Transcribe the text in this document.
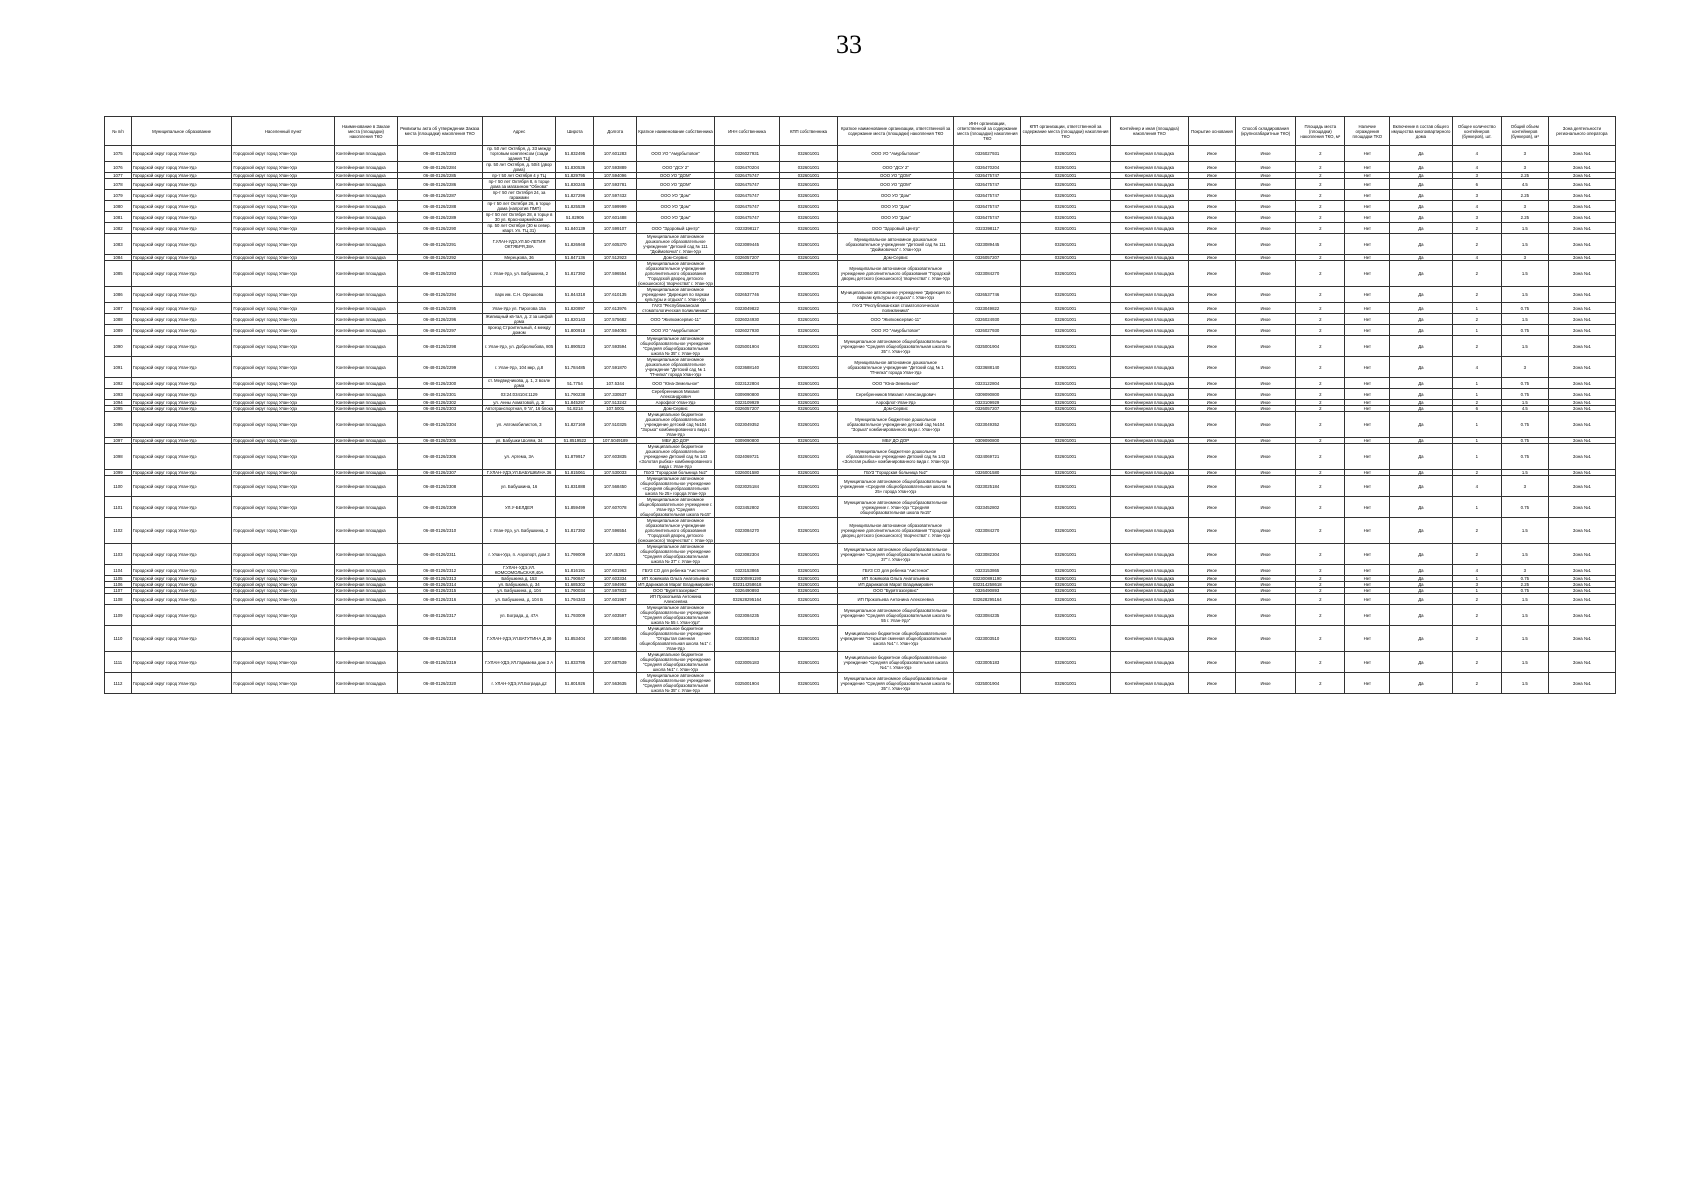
33
№ п/п	Муниципальное образование	Населенный пункт	Наименование в Заказе места (площадки) накопления ТКО	Реквизиты акта об утверждении Заказа места (площадки) накопления ТКО	Адрес	Широта	Долгота	Краткое наименование собственника	ИНН собственника	КПП собственника	Краткое наименование организации, ответственной за содержание места (площадки) накопления ТКО	ИНН организации, ответственной за содержание места (площадки) накопления ТКО	КПП организации, ответственной за содержание места (площадки) накопления ТКО	Контейнер и иная (площадка) накопления ТКО	Покрытие основания	Способ складирования (крупногабаритные ТКО)	Площадь места (площадки) накопления ТКО, м²	Наличие ограждения площадки ТКО	Включение в состав общего имущества многоквартирного дома	Общее количество контейнеров (бункеров), шт.	Общий объем контейнеров (бункеров), м³	Зона деятельности регионального оператора
1075	Городской округ город Улан-Удэ	Городской округ город Улан-Удэ	Контейнерная площадка	06-48-0126/2283	пр. 50 лет Октября, д. 33 между торговым комплексом (сзади здания ТЦ)	51.832495	107.601283	ООО УО "Амурбытовое"	0326027931	032601001	ООО УО "Амурбытовое"	0326027931	032601001	Контейнерная площадка	Иное	Иное	2	Нет	Да	4	3	Зона №1
1076	Городской округ город Улан-Удэ	Городской округ город Улан-Удэ	Контейнерная площадка	06-48-0126/2284	пр. 50 лет Октября, д. 50/4 (двор дома)	51.830536	107.593889	ООО "ДСУ 2"	0326470204	032601001	ООО "ДСУ 2"	0326470204	032601001	Контейнерная площадка	Иное	Иное	2	Нет	Да	4	3	Зона №1
1077	Городской округ город Улан-Удэ	Городской округ город Улан-Удэ	Контейнерная площадка	06-48-0126/2285	пр-т 50 лет Октября 4 у ТЦ	51.829795	107.594096	ООО УО "ДОМ"	0326475747	032601001	ООО УО "ДОМ"	0326475747	032601001	Контейнерная площадка	Иное	Иное	2	Нет	Да	3	2.25	Зона №1
1078	Городской округ город Улан-Удэ	Городской округ город Улан-Удэ	Контейнерная площадка	06-48-0126/2286	пр-т 50 лет Октября 8, в торце дома за магазином "Обнова"	51.830245	107.593781	ООО УО "ДОМ"	0326475747	032601001	ООО УО "ДОМ"	0326475747	032601001	Контейнерная площадка	Иное	Иное	2	Нет	Да	6	4.5	Зона №1
1079	Городской округ город Улан-Удэ	Городской округ город Улан-Удэ	Контейнерная площадка	06-48-0126/2287	пр-т 50 лет Октября 24, за гаражами	51.827296	107.597432	ООО УО "Дом"	0326475747	032601001	ООО УО "Дом"	0326475747	032601001	Контейнерная площадка	Иное	Иное	2	Нет	Да	3	2.25	Зона №1
1080	Городской округ город Улан-Удэ	Городской округ город Улан-Удэ	Контейнерная площадка	06-48-0126/2288	пр-т 50 лет Октября 26, в торце дома (напротив ПМП)	51.825539	107.599999	ООО УО "Дом"	0326475747	032601001	ООО УО "Дом"	0326475747	032601001	Контейнерная площадка	Иное	Иное	2	Нет	Да	4	3	Зона №1
1081	Городской округ город Улан-Удэ	Городской округ город Улан-Удэ	Контейнерная площадка	06-48-0126/2289	пр-т 50 лет Октября 28, в торце в 30 ул. Красноармейская	51.82906	107.601488	ООО УО "Дом"	0326475747	032601001	ООО УО "Дом"	0326475747	032601001	Контейнерная площадка	Иное	Иное	2	Нет	Да	3	2.25	Зона №1
1082	Городской округ город Улан-Удэ	Городской округ город Улан-Удэ	Контейнерная площадка	06-48-0126/2290	пр. 50 лет Октября (30 м север. кварт. Ул. ТЦ 31)	51.840139	107.599107	ООО "Здоровый Центр"	0323398117	032601001	ООО "Здоровый Центр"	0323398117	032601001	Контейнерная площадка	Иное	Иное	2	Нет	Да	2	1.5	Зона №1
1083	Городской округ город Улан-Удэ	Городской округ город Улан-Удэ	Контейнерная площадка	06-48-0126/2291	Г.УЛАН-УДЭ,УЛ.50-ЛЕТИЯ ОКТЯБРЯ,38А	51.826948	107.605370	Муниципальное автономное дошкольное образовательное учреждение "Детский сад № 111 "Дюймовочка" г. Улан-Удэ	0323089445	032601001	Муниципальное автономное дошкольное образовательное учреждение "Детский сад № 111 "Дюймовочка" г. Улан-Удэ	0323089445	032601001	Контейнерная площадка	Иное	Иное	2	Нет	Да	2	1.5	Зона №1
1084	Городской округ город Улан-Удэ	Городской округ город Улан-Удэ	Контейнерная площадка	06-48-0126/2292	Мерецкова, 36	51.847136	107.512923	Дом-Сервис	0326057207	032601001	Дом-Сервис	0326057207	032601001	Контейнерная площадка	Иное	Иное	2	Нет	Да	4	3	Зона №1
1085	Городской округ город Улан-Удэ	Городской округ город Улан-Удэ	Контейнерная площадка	06-48-0126/2293	г. Улан-Удэ, ул. Бабушкина, 2	51.817392	107.596554	Муниципальное автономное образовательное учреждение дополнительного образования "Городской дворец детского (юношеского) творчества" г. Улан-Удэ	0323084270	032601001	Муниципальное автономное образовательное учреждение дополнительного образования "Городской дворец детского (юношеского) творчества" г. Улан-Удэ	0323084270	032601001	Контейнерная площадка	Иное	Иное	2	Нет	Да	2	1.5	Зона №1
1086	Городской округ город Улан-Удэ	Городской округ город Улан-Удэ	Контейнерная площадка	06-48-0126/2294	парк им. С.Н. Орешкова	51.844318	107.610135	Муниципальное автономное учреждение "Дирекция по паркам культуры и отдыха" г. Улан-Удэ	0326537746	032601001	Муниципальное автономное учреждение "Дирекция по паркам культуры и отдыха" г. Улан-Удэ	0326537746	032601001	Контейнерная площадка	Иное	Иное	2	Нет	Да	2	1.5	Зона №1
1087	Городской округ город Улан-Удэ	Городской округ город Улан-Удэ	Контейнерная площадка	06-48-0126/2295	Улан-Удэ ул. Пирогова 15а	51.820897	107.613976	ГАУЗ "Республиканская стоматологическая поликлиника"	0323049822	032601001	ГАУЗ "Республиканская стоматологическая поликлиника"	0323049822	032601001	Контейнерная площадка	Иное	Иное	2	Нет	Да	1	0.75	Зона №1
1088	Городской округ город Улан-Удэ	Городской округ город Улан-Удэ	Контейнерная площадка	06-48-0126/2296	Жилищный кв-тал, д. 2 за шефой дома	51.820143	107.575682	ООО "Жилкомсервис-11"	0326024930	032601001	ООО "Жилкомсервис-11"	0326024930	032601001	Контейнерная площадка	Иное	Иное	2	Нет	Да	2	1.5	Зона №1
1089	Городской округ город Улан-Удэ	Городской округ город Улан-Удэ	Контейнерная площадка	06-48-0126/2297	проезд Строительный, 4 между домом	51.800918	107.594093	ООО УО "Амурбытовое"	0326027930	032601001	ООО УО "Амурбытовое"	0326027930	032601001	Контейнерная площадка	Иное	Иное	2	Нет	Да	1	0.75	Зона №1
1090	Городской округ город Улан-Удэ	Городской округ город Улан-Удэ	Контейнерная площадка	06-48-0126/2298	г. Улан-Удэ, ул. Добролюбова, 805	51.890523	107.593594	Муниципальное автономное общеобразовательное учреждение "Средняя общеобразовательная школа № 35" г. Улан-Удэ	0325001904	032601001	Муниципальное автономное общеобразовательное учреждение "Средняя общеобразовательная школа № 35" г. Улан-Удэ	0325001904	032601001	Контейнерная площадка	Иное	Иное	2	Нет	Да	2	1.5	Зона №1
1091	Городской округ город Улан-Удэ	Городской округ город Улан-Удэ	Контейнерная площадка	06-48-0126/2299	г. Улан-Удэ, 104 мкр, д.8	51.784485	107.591870	Муниципальное автономное дошкольное образовательное учреждение "Детский сад № 1 "Пчелка" города Улан-Удэ	0323688140	032601001	Муниципальное автономное дошкольное образовательное учреждение "Детский сад № 1 "Пчелка" города Улан-Удэ	0323688140	032601001	Контейнерная площадка	Иное	Иное	2	Нет	Да	4	3	Зона №1
1092	Городской округ город Улан-Удэ	Городской округ город Улан-Удэ	Контейнерная площадка	06-48-0126/2300	ст. Медведчикова, д. 1, 2 возле дома	51.7754	107.5344	ООО "Юна-Земельное"	0323122804	032601001	ООО "Юна-Земельное"	0323122804	032601001	Контейнерная площадка	Иное	Иное	2	Нет	Да	1	0.75	Зона №1
1093	Городской округ город Улан-Удэ	Городской округ город Улан-Удэ	Контейнерная площадка	06-48-0126/2301	03:24:034104:1129	51.790238	107.330537	Серебренников Михаил Александрович	0309090800	032601001	Серебренников Михаил Александрович	0309090800	032601001	Контейнерная площадка	Иное	Иное	2	Нет	Да	1	0.75	Зона №1
1094	Городской округ город Улан-Удэ	Городской округ город Улан-Удэ	Контейнерная площадка	06-48-0126/2302	ул. Анны Ахматовой, д. 3г	51.845297	107.513242	Аэрофлот-Улан-Удэ	0323109929	032601001	Аэрофлот-Улан-Удэ	0323109929	032601001	Контейнерная площадка	Иное	Иное	2	Нет	Да	2	1.5	Зона №1
1095	Городской округ город Улан-Удэ	Городской округ город Улан-Удэ	Контейнерная площадка	06-48-0126/2303	Автотранспортная, 9 "а", 16 блока	51.8214	107.5001	Дом-Сервис	0326057207	032601001	Дом-Сервис	0326057207	032601001	Контейнерная площадка	Иное	Иное	2	Нет	Да	6	4.5	Зона №1
1096	Городской округ город Улан-Удэ	Городской округ город Улан-Удэ	Контейнерная площадка	06-48-0126/2304	ул. Автомобилистов, 3	51.827169	107.510325	Муниципальное бюджетное дошкольное образовательное учреждение детский сад №104 "Зорька" комбинированного вида г. Улан-Удэ	0323049352	032601001	Муниципальное бюджетное дошкольное образовательное учреждение детский сад №104 "Зорька" комбинированного вида г. Улан-Удэ	0323049352	032601001	Контейнерная площадка	Иное	Иное	2	Нет	Да	1	0.75	Зона №1
1097	Городской округ город Улан-Удэ	Городской округ город Улан-Удэ	Контейнерная площадка	06-48-0126/2305	ул. Бабушки Шолям, 34	51.8519522	107.5049189	МБУ ДО ДОР	0309090800	032601001	МБУ ДО ДОР	0309090800	032601001	Контейнерная площадка	Иное	Иное	2	Нет	Да	1	0.75	Зона №1
1098	Городской округ город Улан-Удэ	Городской округ город Улан-Удэ	Контейнерная площадка	06-48-0126/2306	ул. Артема, 3А	51.879917	107.603835	Муниципальное бюджетное дошкольное образовательное учреждение Детский сад № 143 «Золотая рыбка» комбинированного вида г. Улан-Удэ	0324069721	032601001	Муниципальное бюджетное дошкольное образовательное учреждение Детский сад № 143 «Золотая рыбка» комбинированного вида г. Улан-Удэ	0324069721	032601001	Контейнерная площадка	Иное	Иное	2	Нет	Да	1	0.75	Зона №1
1099	Городской округ город Улан-Удэ	Городской округ город Улан-Удэ	Контейнерная площадка	06-48-0126/2307	Г.УЛАН-УДЭ,УЛ.БАБУШКИНА 36	51.815061	107.530033	ГБУЗ "Городская больница №2"	0326001580	032601001	ГБУЗ "Городская больница №2"	0326001580	032601001	Контейнерная площадка	Иное	Иное	2	Нет	Да	2	1.5	Зона №1
1100	Городской округ город Улан-Удэ	Городской округ город Улан-Удэ	Контейнерная площадка	06-48-0126/2308	ул. Бабушкина, 16	51.831888	107.568450	Муниципальное автономное общеобразовательное учреждение «Средняя общеобразовательная школа № 25» города Улан-Удэ	0323025184	032601001	Муниципальное автономное общеобразовательное учреждение «Средняя общеобразовательная школа № 25» города Улан-Удэ	0323025184	032601001	Контейнерная площадка	Иное	Иное	2	Нет	Да	4	3	Зона №1
1101	Городской округ город Улан-Удэ	Городской округ город Улан-Удэ	Контейнерная площадка	06-48-0126/2309	УЛ.У-БЕЛДЕЯ	51.859499	107.607078	Муниципальное автономное общеобразовательное учреждение г. Улан-Удэ "Средняя общеобразовательная школа №15"	0323452802	032601001	Муниципальное автономное общеобразовательное учреждение г. Улан-Удэ "Средняя общеобразовательная школа №15"	0323452802	032601001	Контейнерная площадка	Иное	Иное	2	Нет	Да	1	0.75	Зона №1
1102	Городской округ город Улан-Удэ	Городской округ город Улан-Удэ	Контейнерная площадка	06-48-0126/2310	г. Улан-Удэ, ул. Бабушкина, 2	51.817392	107.596554	Муниципальное автономное образовательное учреждение дополнительного образования "Городской дворец детского (юношеского) творчества" г. Улан-Удэ	0323084270	032601001	Муниципальное автономное образовательное учреждение дополнительного образования "Городской дворец детского (юношеского) творчества" г. Улан-Удэ	0323084270	032601001	Контейнерная площадка	Иное	Иное	2	Нет	Да	2	1.5	Зона №1
1103	Городской округ город Улан-Удэ	Городской округ город Улан-Удэ	Контейнерная площадка	06-48-0126/2311	г. Улан-Удэ, п. Аэропорт, дом 3	51.799009	107.45301	Муниципальное автономное общеобразовательное учреждение "Средняя общеобразовательная школа № 37" г. Улан-Удэ	0323082304	032601001	Муниципальное автономное общеобразовательное учреждение "Средняя общеобразовательная школа № 37" г. Улан-Удэ	0323082304	032601001	Контейнерная площадка	Иное	Иное	2	Нет	Да	2	1.5	Зона №1
1104	Городской округ город Улан-Удэ	Городской округ город Улан-Удэ	Контейнерная площадка	06-48-0126/2312	Г.УЛАН-УДЭ,УЛ. КОМСОМОЛЬСКАЯ,40А	51.816191	107.601963	ГБУЗ СО для ребенка "Аистенок"	0323153865	032601001	ГБУЗ СО для ребенка "Аистенок"	0323153865	032601001	Контейнерная площадка	Иное	Иное	2	Нет	Да	4	3	Зона №1
1105	Городской округ город Улан-Удэ	Городской округ город Улан-Удэ	Контейнерная площадка	06-48-0126/2313	Бабушкина д. 153	51.790847	107.603334	ИП Хомякова Ольга Анатольевна	032300891190	032601001	ИП Хомякова Ольга Анатольевна	032300891190	032601001	Контейнерная площадка	Иное	Иное	2	Нет	Да	1	0.75	Зона №1
1106	Городской округ город Улан-Удэ	Городской округ город Улан-Удэ	Контейнерная площадка	06-48-0126/2314	ул. Бабушкина, д. 34	51.685302	107.594992	ИП Дарижапов Марат Владимирович	032314258618	032601001	ИП Дарижапов Марат Владимирович	032314258618	032601001	Контейнерная площадка	Иное	Иное	2	Нет	Да	3	2.25	Зона №1
1107	Городской округ город Улан-Удэ	Городской округ город Улан-Удэ	Контейнерная площадка	06-48-0126/2315	ул. Бабушкина, д. 104	51.790034	107.597833	ООО "Бурятгазсервис"	0326490893	032601001	ООО "Бурятгазсервис"	0326490893	032601001	Контейнерная площадка	Иное	Иное	2	Нет	Да	1	0.75	Зона №1
1108	Городской округ город Улан-Удэ	Городской округ город Улан-Удэ	Контейнерная площадка	06-48-0126/2316	ул. Бабушкина, д. 104 Б	51.794343	107.601967	ИП Прокопьева Антонина Алексеевна	032628295164	032601001	ИП Прокопьева Антонина Алексеевна	032628295164	032601001	Контейнерная площадка	Иное	Иное	2	Нет	Да	2	1.5	Зона №1
1109	Городской округ город Улан-Удэ	Городской округ город Улан-Удэ	Контейнерная площадка	06-48-0126/2317	ул. Бограда, д. 47А	51.793009	107.603597	Муниципальное автономное общеобразовательное учреждение "Средняя общеобразовательная школа № 55 г. Улан-Удэ"	0323084235	032601001	Муниципальное автономное общеобразовательное учреждение "Средняя общеобразовательная школа № 55 г. Улан-Удэ"	0323084235	032601001	Контейнерная площадка	Иное	Иное	2	Нет	Да	2	1.5	Зона №1
1110	Городской округ город Улан-Удэ	Городской округ город Улан-Удэ	Контейнерная площадка	06-48-0126/2318	Г.УЛАН-УДЭ,УЛ.ВАТУТИНА Д 39	51.853404	107.580456	Муниципальное бюджетное общеобразовательное учреждение "Открытая сменная общеобразовательная школа №1" г. Улан-Удэ	0323003510	032601001	Муниципальное бюджетное общеобразовательное учреждение "Открытая сменная общеобразовательная школа №1" г. Улан-Удэ	0323003510	032601001	Контейнерная площадка	Иное	Иное	2	Нет	Да	2	1.5	Зона №1
1111	Городской округ город Улан-Удэ	Городской округ город Улан-Удэ	Контейнерная площадка	06-48-0126/2319	Г.УЛАН-УДЭ,УЛ.Гармаева дом 3 А	51.833795	107.687539	Муниципальное бюджетное общеобразовательное учреждение "Средняя общеобразовательная школа №1" г. Улан-Удэ	0323005183	032601001	Муниципальное бюджетное общеобразовательное учреждение "Средняя общеобразовательная школа №1" г. Улан-Удэ	0323005183	032601001	Контейнерная площадка	Иное	Иное	2	Нет	Да	2	1.5	Зона №1
1112	Городской округ город Улан-Удэ	Городской округ город Улан-Удэ	Контейнерная площадка	06-48-0126/2320	г. УЛАН-УДЭ,УЛ.Бограда,д2	51.801926	107.563635	Муниципальное автономное общеобразовательное учреждение "Средняя общеобразовательная школа № 35" г. Улан-Удэ	0325001904	032601001	Муниципальное автономное общеобразовательное учреждение "Средняя общеобразовательная школа № 35" г. Улан-Удэ	0325001904	032601001	Контейнерная площадка	Иное	Иное	2	Нет	Да	2	1.5	Зона №1
